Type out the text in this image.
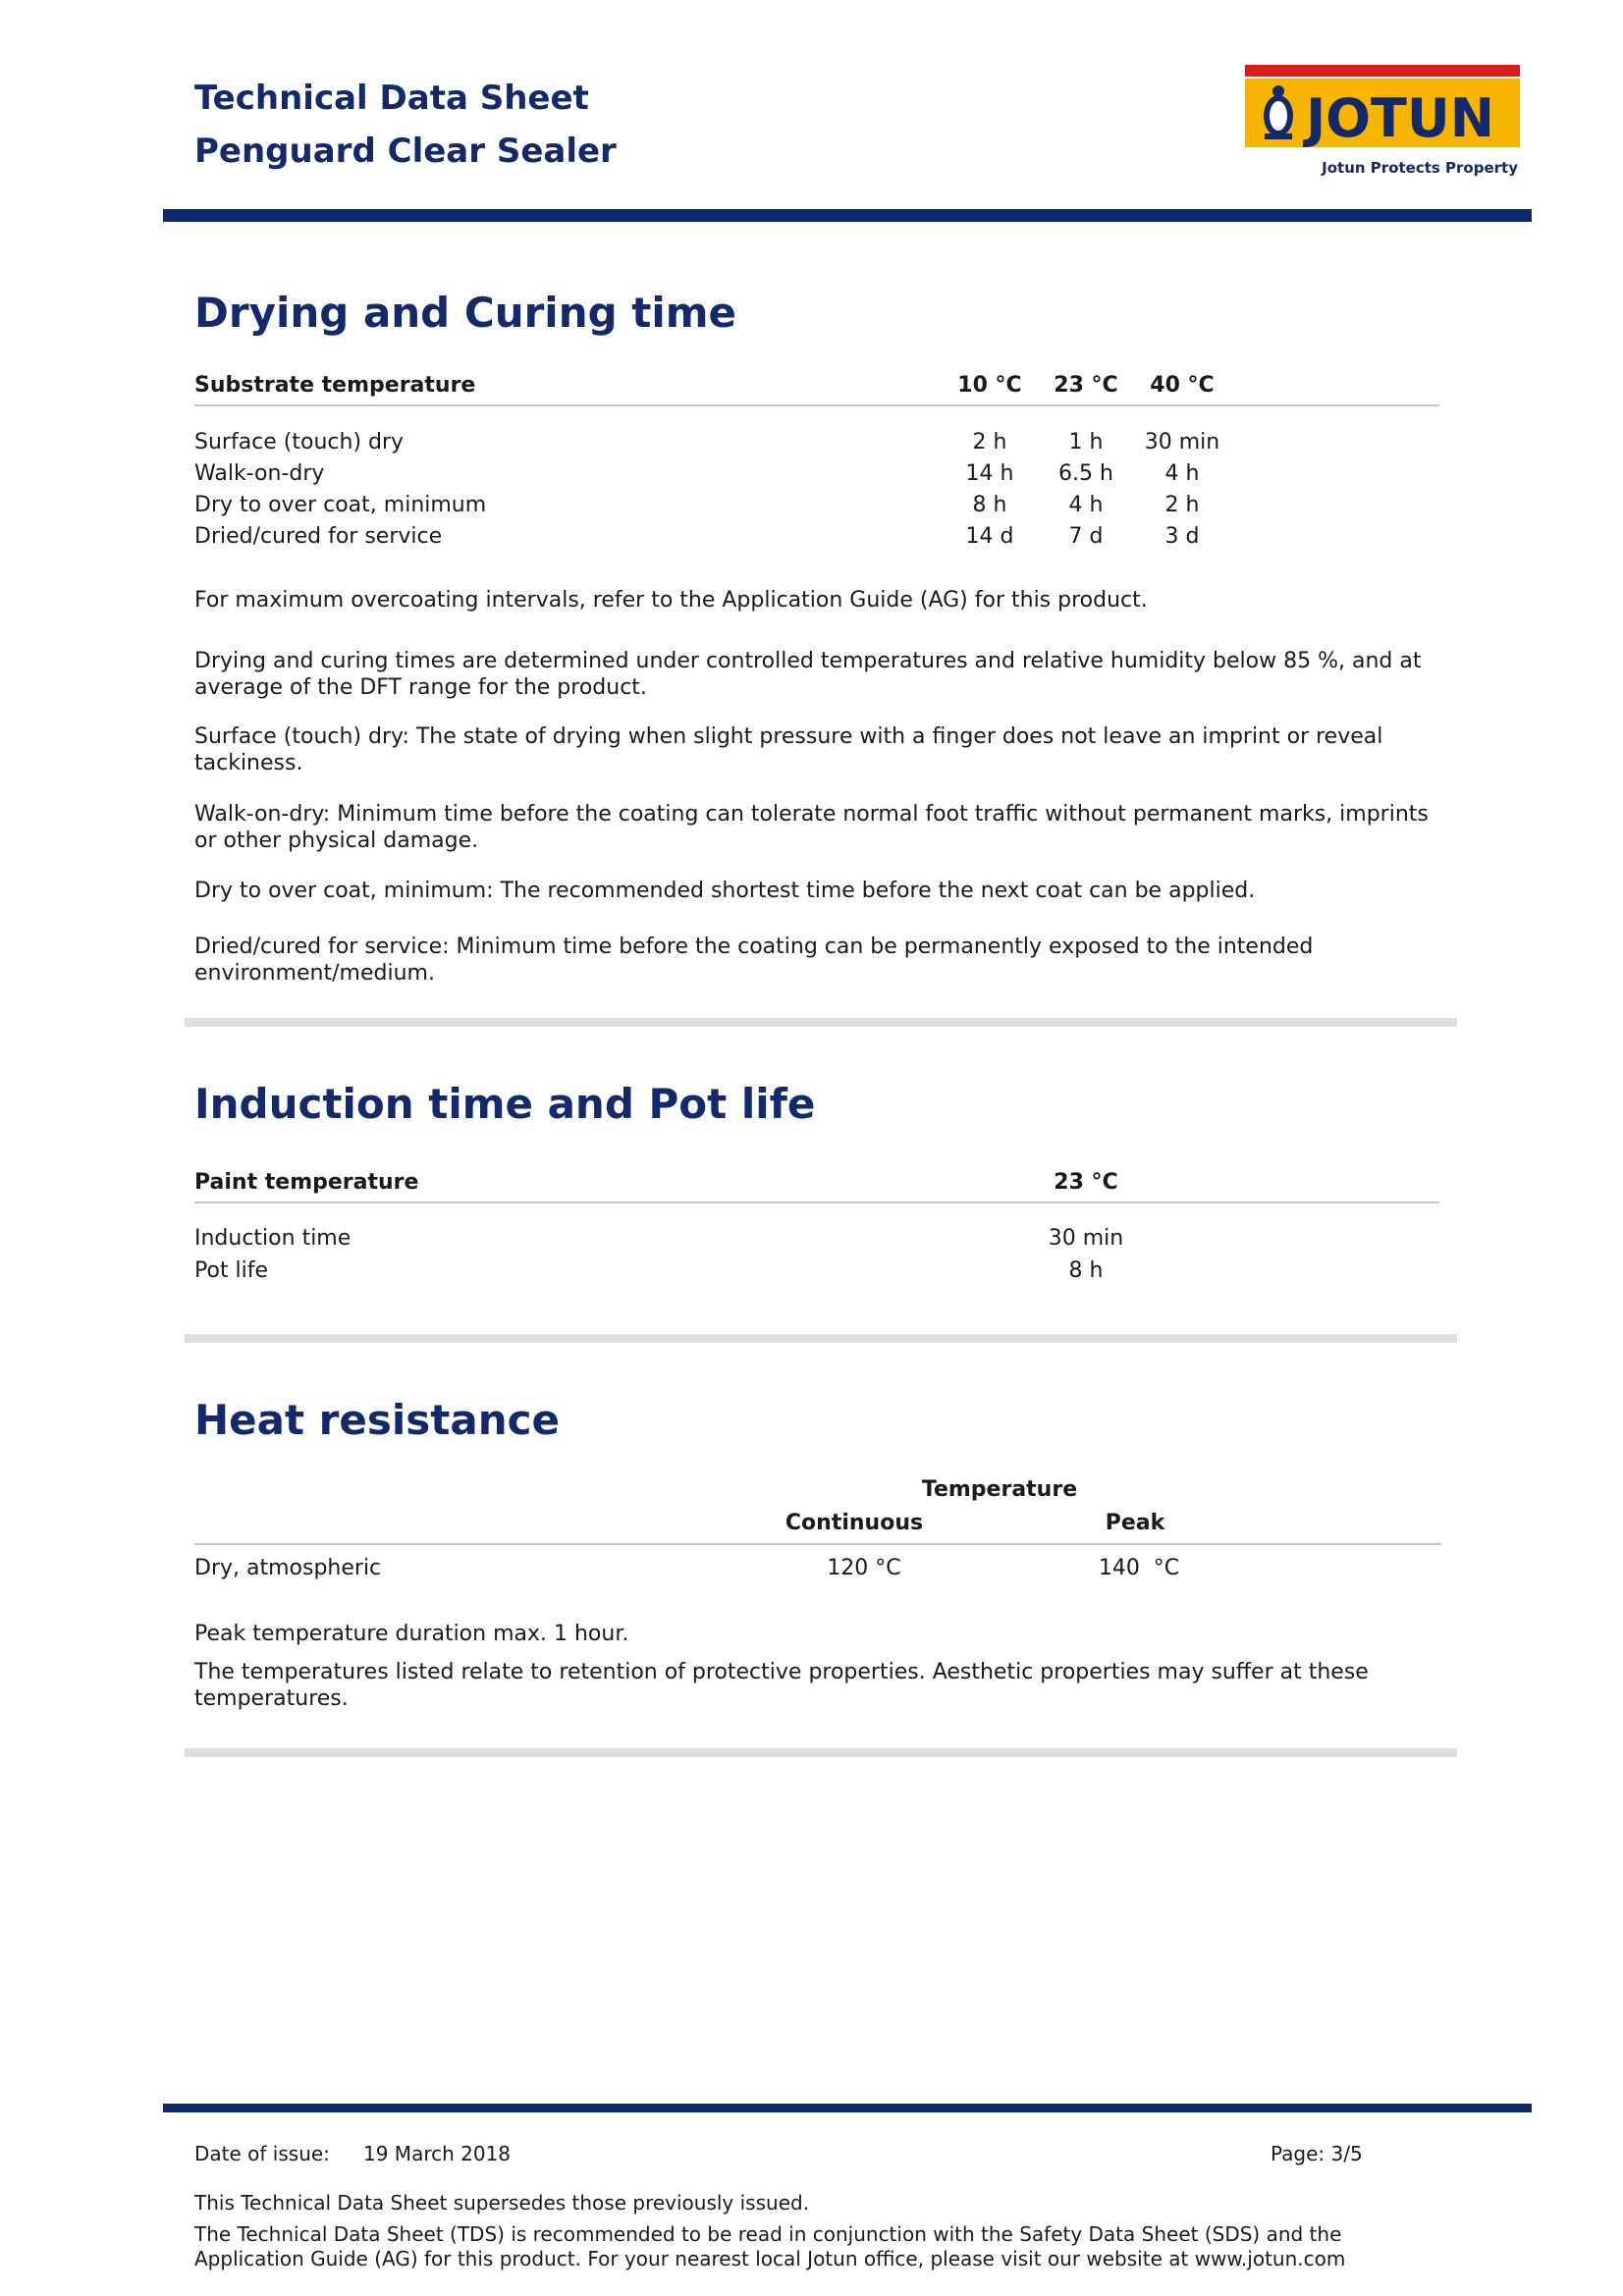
Technical Data Sheet
Penguard Clear Sealer
JOTUN
Jotun Protects Property
Drying and Curing time
Substrate temperature	10 °C	23 °C	40 °C
Surface (touch) dry	2 h	1 h	30 min
Walk-on-dry	14 h	6.5 h	4 h
Dry to over coat, minimum	8 h	4 h	2 h
Dried/cured for service	14 d	7 d	3 d
For maximum overcoating intervals, refer to the Application Guide (AG) for this product.
Drying and curing times are determined under controlled temperatures and relative humidity below 85 %, and at average of the DFT range for the product.
Surface (touch) dry: The state of drying when slight pressure with a finger does not leave an imprint or reveal tackiness.
Walk-on-dry: Minimum time before the coating can tolerate normal foot traffic without permanent marks, imprints or other physical damage.
Dry to over coat, minimum: The recommended shortest time before the next coat can be applied.
Dried/cured for service: Minimum time before the coating can be permanently exposed to the intended environment/medium.
Induction time and Pot life
Paint temperature	23 °C
Induction time	30 min
Pot life	8 h
Heat resistance
Temperature
Continuous	Peak
Dry, atmospheric	120 °C	140  °C
Peak temperature duration max. 1 hour.
The temperatures listed relate to retention of protective properties. Aesthetic properties may suffer at these temperatures.
Date of issue: 19 March 2018	Page: 3/5
This Technical Data Sheet supersedes those previously issued.
The Technical Data Sheet (TDS) is recommended to be read in conjunction with the Safety Data Sheet (SDS) and the Application Guide (AG) for this product. For your nearest local Jotun office, please visit our website at www.jotun.com
